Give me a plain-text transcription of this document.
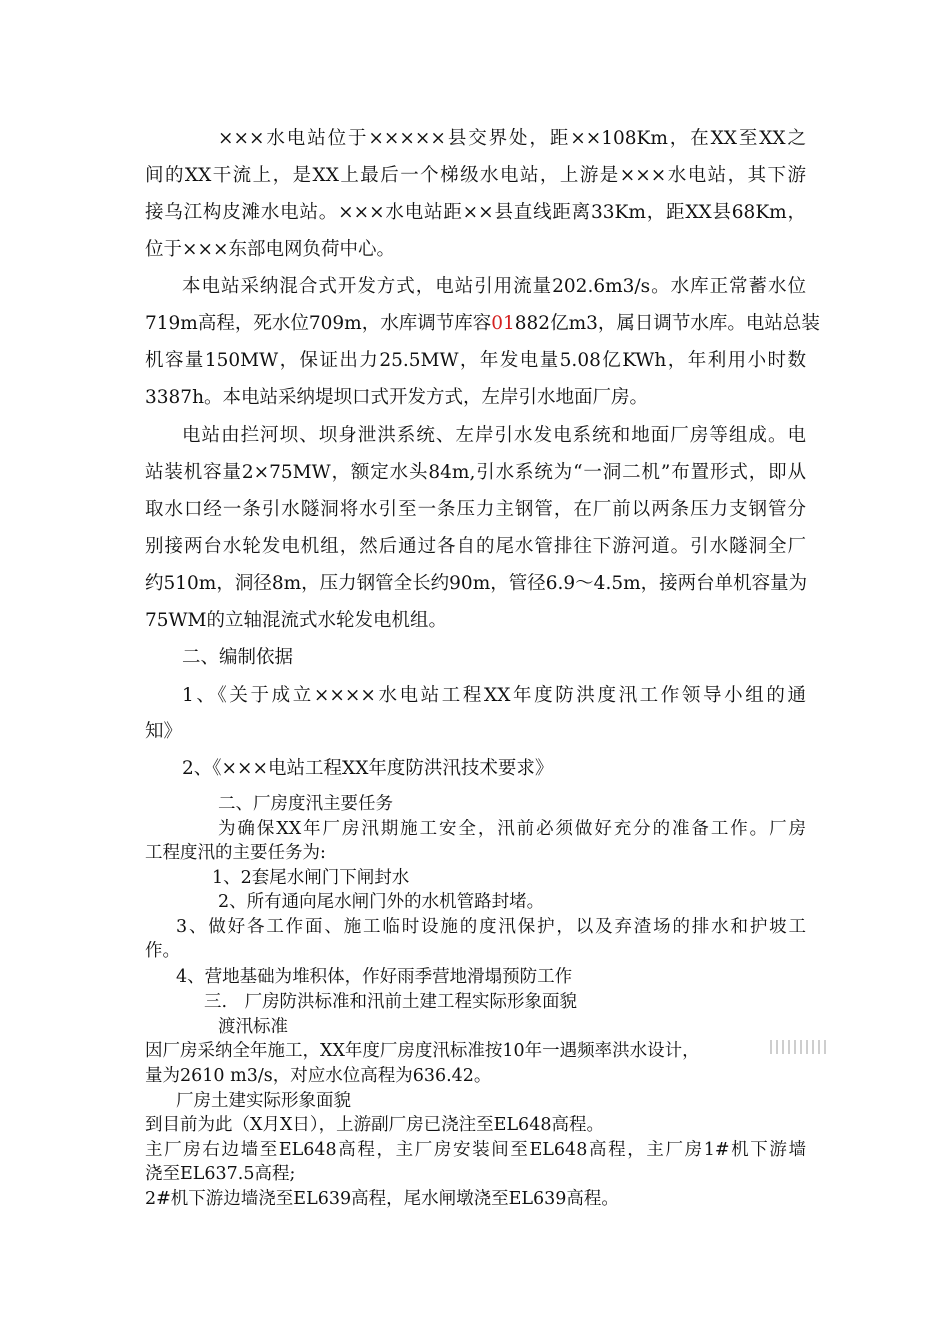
×××水电站位于×××××县交界处，距××108Km，在XX至XX之
间的XX干流上，是XX上最后一个梯级水电站，上游是×××水电站，其下游
接乌江构皮滩水电站。×××水电站距××县直线距离33Km，距XX县68Km，
位于×××东部电网负荷中心。
本电站采纳混合式开发方式，电站引用流量202.6m3/s。水库正常蓄水位
719m高程，死水位709m，水库调节库容01882亿m3，属日调节水库。电站总装
机容量150MW，保证出力25.5MW，年发电量5.08亿KWh，年利用小时数
3387h。本电站采纳堤坝口式开发方式，左岸引水地面厂房。
电站由拦河坝、坝身泄洪系统、左岸引水发电系统和地面厂房等组成。电
站装机容量2×75MW，额定水头84m,引水系统为“一洞二机”布置形式，即从
取水口经一条引水隧洞将水引至一条压力主钢管，在厂前以两条压力支钢管分
别接两台水轮发电机组，然后通过各自的尾水管排往下游河道。引水隧洞全厂
约510m，洞径8m，压力钢管全长约90m，管径6.9～4.5m，接两台单机容量为
75WM的立轴混流式水轮发电机组。
二、编制依据
1、《关于成立××××水电站工程XX年度防洪度汛工作领导小组的通
知》
2、《×××电站工程XX年度防洪汛技术要求》
二、厂房度汛主要任务
为确保XX年厂房汛期施工安全，汛前必须做好充分的准备工作。厂房
工程度汛的主要任务为:
1、2套尾水闸门下闸封水
2、所有通向尾水闸门外的水机管路封堵。
3、做好各工作面、施工临时设施的度汛保护，以及弃渣场的排水和护坡工
作。
4、营地基础为堆积体，作好雨季营地滑塌预防工作
三.　厂房防洪标准和汛前土建工程实际形象面貌
渡汛标准
因厂房采纳全年施工，XX年度厂房度汛标准按10年一遇频率洪水设计，
量为2610 m3/s，对应水位高程为636.42。
厂房土建实际形象面貌
到目前为此（X月X日），上游副厂房已浇注至EL648高程。
主厂房右边墙至EL648高程，主厂房安装间至EL648高程，主厂房1#机下游墙
浇至EL637.5高程;
2#机下游边墙浇至EL639高程，尾水闸墩浇至EL639高程。
